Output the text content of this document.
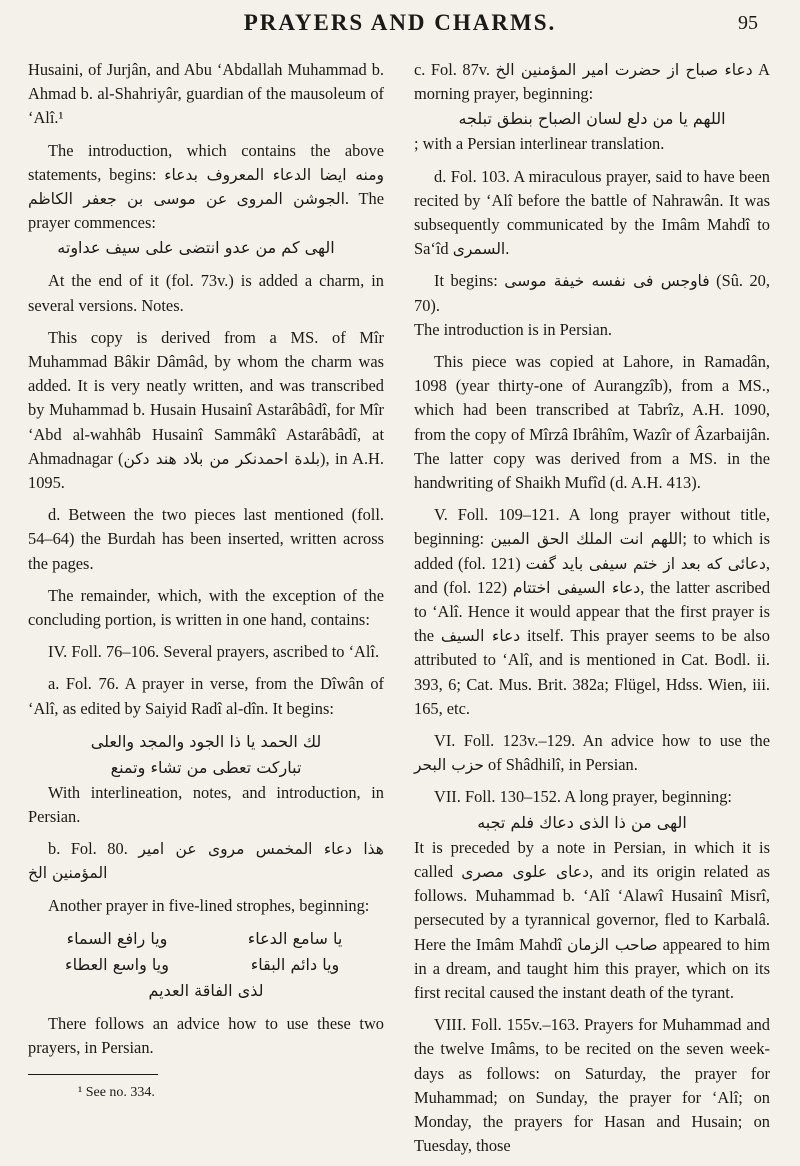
PRAYERS AND CHARMS.	95

Husaini, of Jurjân, and Abu ‘Abdallah Muhammad b. Ahmad b. al-Shahriyâr, guardian of the mausoleum of ‘Alî.¹

The introduction, which contains the above statements, begins: ومنه ايضا الدعاء المعروف بدعاء الجوشن المروى عن موسى بن جعفر الكاظم	. The prayer commences:
الهى كم من عدو انتضى على سيف عداوته

At the end of it (fol. 73v.) is added a charm, in several versions. Notes.

This copy is derived from a MS. of Mîr Muhammad Bâkir Dâmâd, by whom the charm was added. It is very neatly written, and was transcribed by Muhammad b. Husain Husainî Astarâbâdî, for Mîr ‘Abd al-wahhâb Husainî Sammâkî Astarâbâdî, at Ahmadnagar (بلدة احمدنكر من بلاد هند دكن), in A.H. 1095.

d. Between the two pieces last mentioned (foll. 54–64) the Burdah has been inserted, written across the pages.

The remainder, which, with the exception of the concluding portion, is written in one hand, contains:

IV. Foll. 76–106. Several prayers, ascribed to ‘Alî.

a. Fol. 76. A prayer in verse, from the Dîwân of ‘Alî, as edited by Saiyid Radî al-dîn. It begins:

لك الحمد يا ذا الجود والمجد والعلى
تباركت تعطى من تشاء وتمنع

With interlineation, notes, and introduction, in Persian.

b. Fol. 80. هذا دعاء المخمس مروى عن امير المؤمنين الخ

Another prayer in five-lined strophes, beginning:

يا سامع الدعاء
ويا رافع السماء
ويا دائم البقاء
ويا واسع العطاء
لذى الفاقة العديم

There follows an advice how to use these two prayers, in Persian.

¹ See no. 334.

c. Fol. 87v. دعاء صباح از حضرت امير المؤمنين الخ A morning prayer, beginning:
اللهم يا من دلع لسان الصباح بنطق تبلجه
; with a Persian interlinear translation.

d. Fol. 103. A miraculous prayer, said to have been recited by ‘Alî before the battle of Nahrawân. It was subsequently communicated by the Imâm Mahdî to Sa‘îd السمرى.

It begins: فاوجس فى نفسه خيفة موسى (Sû. 20, 70).
The introduction is in Persian.

This piece was copied at Lahore, in Ramadân, 1098 (year thirty-one of Aurangzîb), from a MS., which had been transcribed at Tabrîz, A.H. 1090, from the copy of Mîrzâ Ibrâhîm, Wazîr of Âzarbaijân. The latter copy was derived from a MS. in the handwriting of Shaikh Mufîd (d. A.H. 413).

V. Foll. 109–121. A long prayer without title, beginning: اللهم انت الملك الحق المبين; to which is added (fol. 121) دعائى كه بعد از ختم سيفى بايد گفت, and (fol. 122) دعاء السيفى اختتام, the latter ascribed to ‘Alî. Hence it would appear that the first prayer is the دعاء السيف itself. This prayer seems to be also attributed to ‘Alî, and is mentioned in Cat. Bodl. ii. 393, 6; Cat. Mus. Brit. 382a; Flügel, Hdss. Wien, iii. 165, etc.

VI. Foll. 123v.–129. An advice how to use the حزب البحر of Shâdhilî, in Persian.

VII. Foll. 130–152. A long prayer, beginning:
الهى من ذا الذى دعاك فلم تجبه
It is preceded by a note in Persian, in which it is called دعاى علوى مصرى, and its origin related as follows. Muhammad b. ‘Alî ‘Alawî Husainî Misrî, persecuted by a tyrannical governor, fled to Karbalâ. Here the Imâm Mahdî صاحب الزمان appeared to him in a dream, and taught him this prayer, which on its first recital caused the instant death of the tyrant.

VIII. Foll. 155v.–163. Prayers for Muhammad and the twelve Imâms, to be recited on the seven week-days as follows: on Saturday, the prayer for Muhammad; on Sunday, the prayer for ‘Alî; on Monday, the prayers for Hasan and Husain; on Tuesday, those
